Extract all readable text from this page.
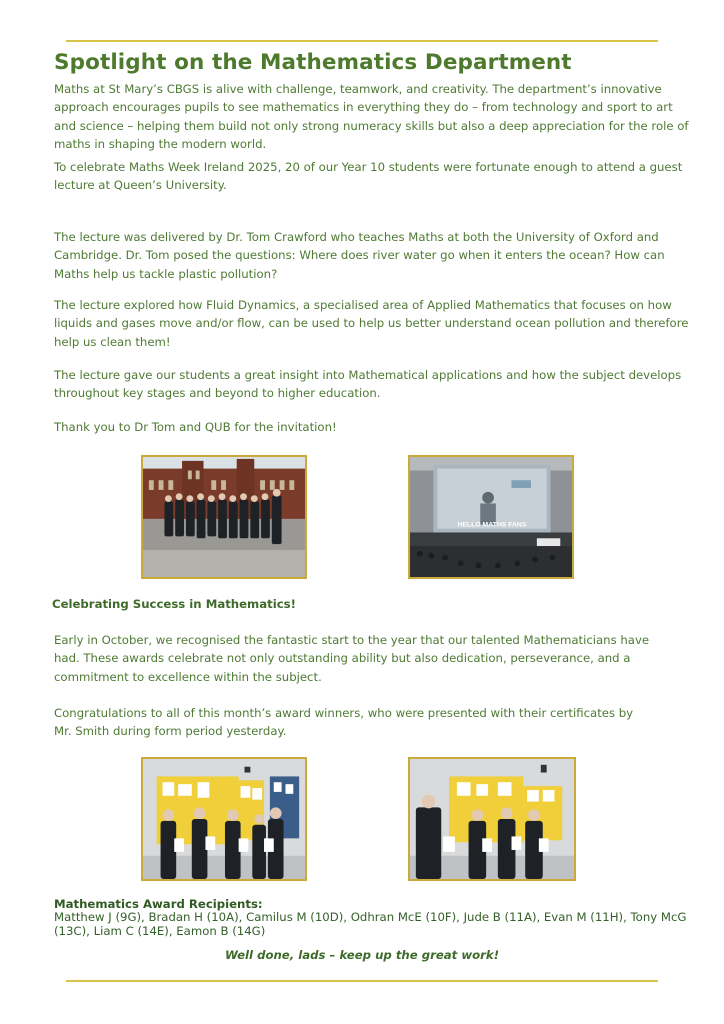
Spotlight on the Mathematics Department

Maths at St Mary’s CBGS is alive with challenge, teamwork, and creativity. The department’s innovative approach encourages pupils to see mathematics in everything they do – from technology and sport to art and science – helping them build not only strong numeracy skills but also a deep appreciation for the role of maths in shaping the modern world.

To celebrate Maths Week Ireland 2025, 20 of our Year 10 students were fortunate enough to attend a guest lecture at Queen’s University.

The lecture was delivered by Dr. Tom Crawford who teaches Maths at both the University of Oxford and Cambridge. Dr. Tom posed the questions: Where does river water go when it enters the ocean? How can Maths help us tackle plastic pollution?

The lecture explored how Fluid Dynamics, a specialised area of Applied Mathematics that focuses on how liquids and gases move and/or flow, can be used to help us better understand ocean pollution and therefore help us clean them!

The lecture gave our students a great insight into Mathematical applications and how the subject develops throughout key stages and beyond to higher education.

Thank you to Dr Tom and QUB for the invitation!

HELLO MATHS FANS
Celebrating Success in Mathematics!

Early in October, we recognised the fantastic start to the year that our talented Mathematicians have had. These awards celebrate not only outstanding ability but also dedication, perseverance, and a commitment to excellence within the subject.

Congratulations to all of this month’s award winners, who were presented with their certificates by Mr. Smith during form period yesterday.

Mathematics Award Recipients:

Matthew J (9G), Bradan H (10A), Camilus M (10D), Odhran McE (10F), Jude B (11A), Evan M (11H), Tony McG (13C), Liam C (14E), Eamon B (14G)

Well done, lads – keep up the great work!
